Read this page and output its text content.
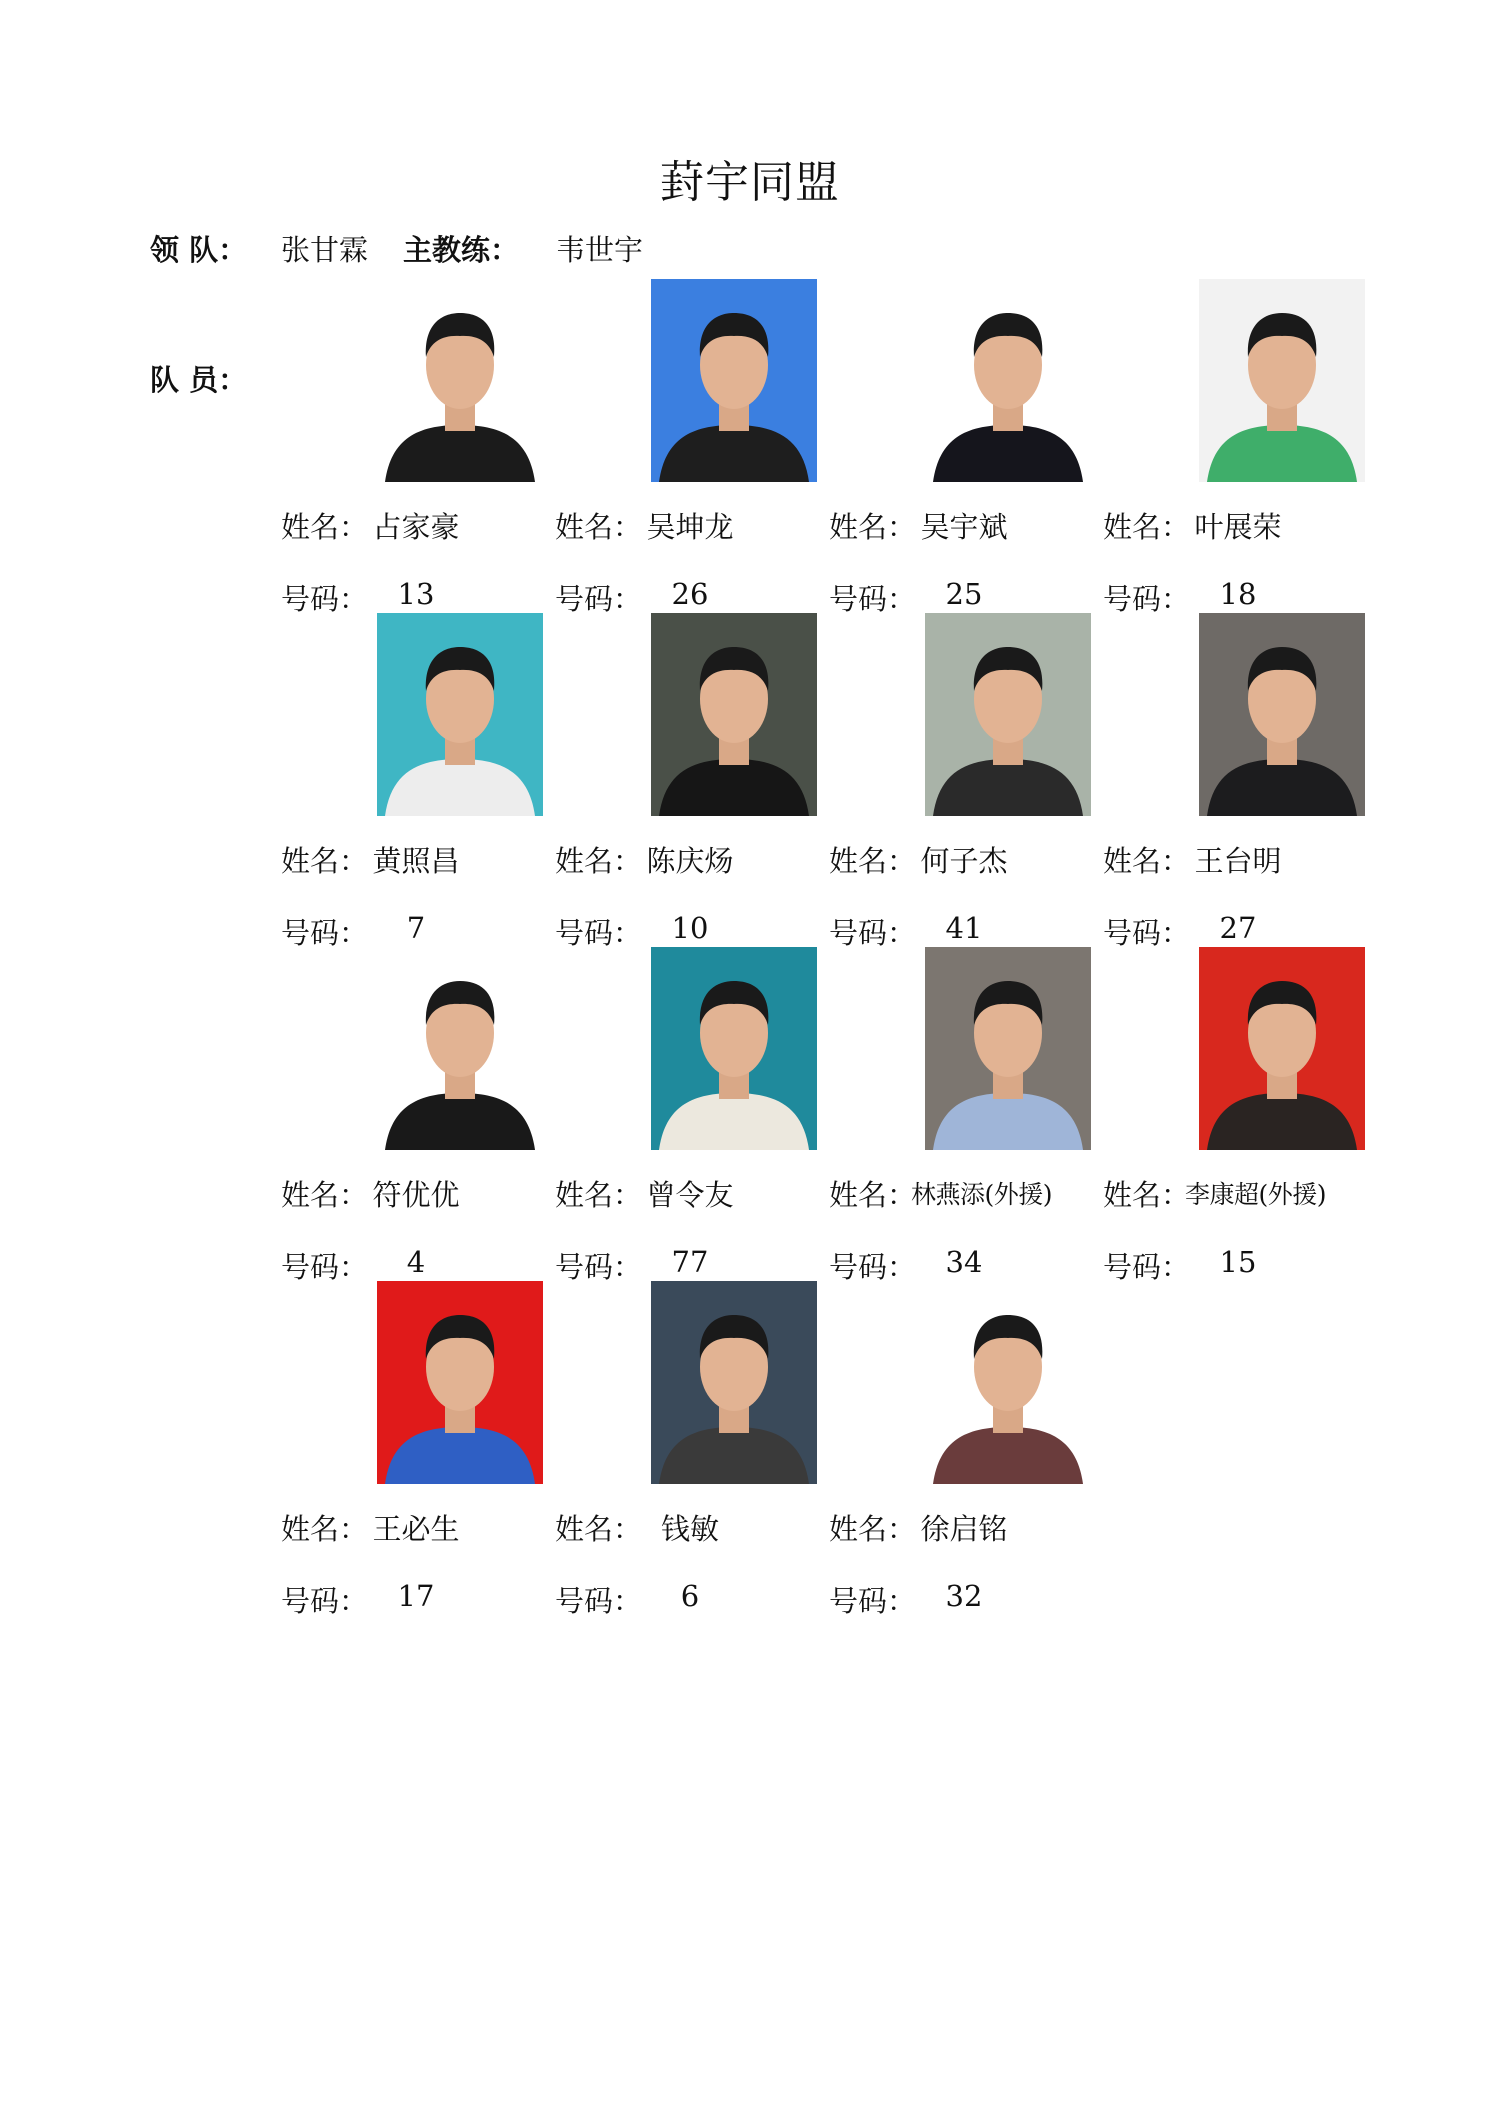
葑宇同盟
领 队： 张甘霖 主教练： 韦世宇
队 员：
姓名： 占家豪
号码：	13
姓名： 吴坤龙
号码：	26
姓名： 吴宇斌
号码：	25
姓名： 叶展荣
号码：	18
姓名： 黄照昌
号码：	7
姓名： 陈庆炀
号码：	10
姓名： 何子杰
号码：	41
姓名： 王台明
号码：	27
姓名： 符优优
号码：	4
姓名： 曾令友
号码：	77
姓名：
林燕添(外援)
号码：	34
姓名：
李康超(外援)
号码：	15
姓名： 王必生
号码：	17
姓名： 钱敏
号码：	6
姓名： 徐启铭
号码：	32
